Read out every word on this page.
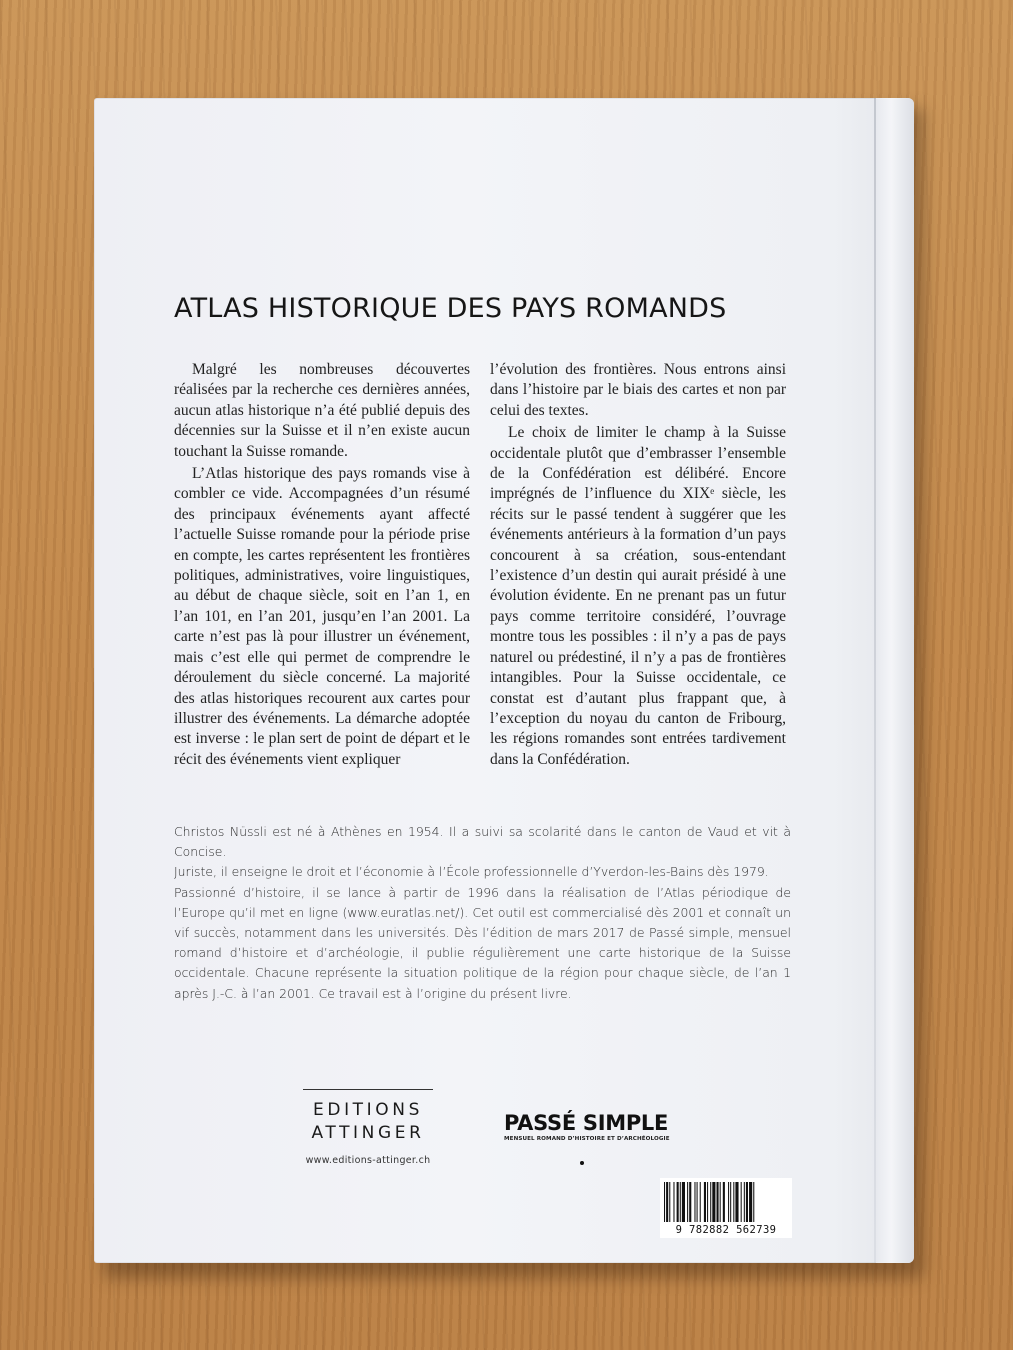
ATLAS HISTORIQUE DES PAYS ROMANDS

Malgré les nombreuses découvertes réalisées par la recherche ces dernières années, aucun atlas historique n’a été publié depuis des décennies sur la Suisse et il n’en existe aucun touchant la Suisse romande.

L’Atlas historique des pays romands vise à combler ce vide. Accompagnées d’un résumé des principaux événements ayant affecté l’actuelle Suisse romande pour la période prise en compte, les cartes représentent les frontières politiques, administratives, voire linguistiques, au début de chaque siècle, soit en l’an 1, en l’an 101, en l’an 201, jusqu’en l’an 2001. La carte n’est pas là pour illustrer un événement, mais c’est elle qui permet de comprendre le déroulement du siècle concerné. La majorité des atlas historiques recourent aux cartes pour illustrer des événements. La démarche adoptée est inverse : le plan sert de point de départ et le récit des événements vient expliquer

l’évolution des frontières. Nous entrons ainsi dans l’histoire par le biais des cartes et non par celui des textes.

Le choix de limiter le champ à la Suisse occidentale plutôt que d’embrasser l’ensemble de la Confédération est délibéré. Encore imprégnés de l’influence du XIXᵉ siècle, les récits sur le passé tendent à suggérer que les événements antérieurs à la formation d’un pays concourent à sa création, sous-entendant l’existence d’un destin qui aurait présidé à une évolution évidente. En ne prenant pas un futur pays comme territoire considéré, l’ouvrage montre tous les possibles : il n’y a pas de pays naturel ou prédestiné, il n’y a pas de frontières intangibles. Pour la Suisse occidentale, ce constat est d’autant plus frappant que, à l’exception du noyau du canton de Fribourg, les régions romandes sont entrées tardivement dans la Confédération.

Christos Nüssli est né à Athènes en 1954. Il a suivi sa scolarité dans le canton de Vaud et vit à Concise.

Juriste, il enseigne le droit et l’économie à l’École professionnelle d’Yverdon-les-Bains dès 1979.

Passionné d’histoire, il se lance à partir de 1996 dans la réalisation de l’Atlas périodique de l’Europe qu’il met en ligne (www.euratlas.net/). Cet outil est commercialisé dès 2001 et connaît un vif succès, notamment dans les universités. Dès l’édition de mars 2017 de Passé simple, mensuel romand d’histoire et d’archéologie, il publie régulièrement une carte historique de la Suisse occidentale. Chacune représente la situation politique de la région pour chaque siècle, de l’an 1 après J.-C. à l’an 2001. Ce travail est à l’origine du présent livre.

EDITIONS
ATTINGER
www.editions-attinger.ch
PASSÉ SIMPLE
MENSUEL ROMAND D’HISTOIRE ET D’ARCHÉOLOGIE
9 782882 562739
